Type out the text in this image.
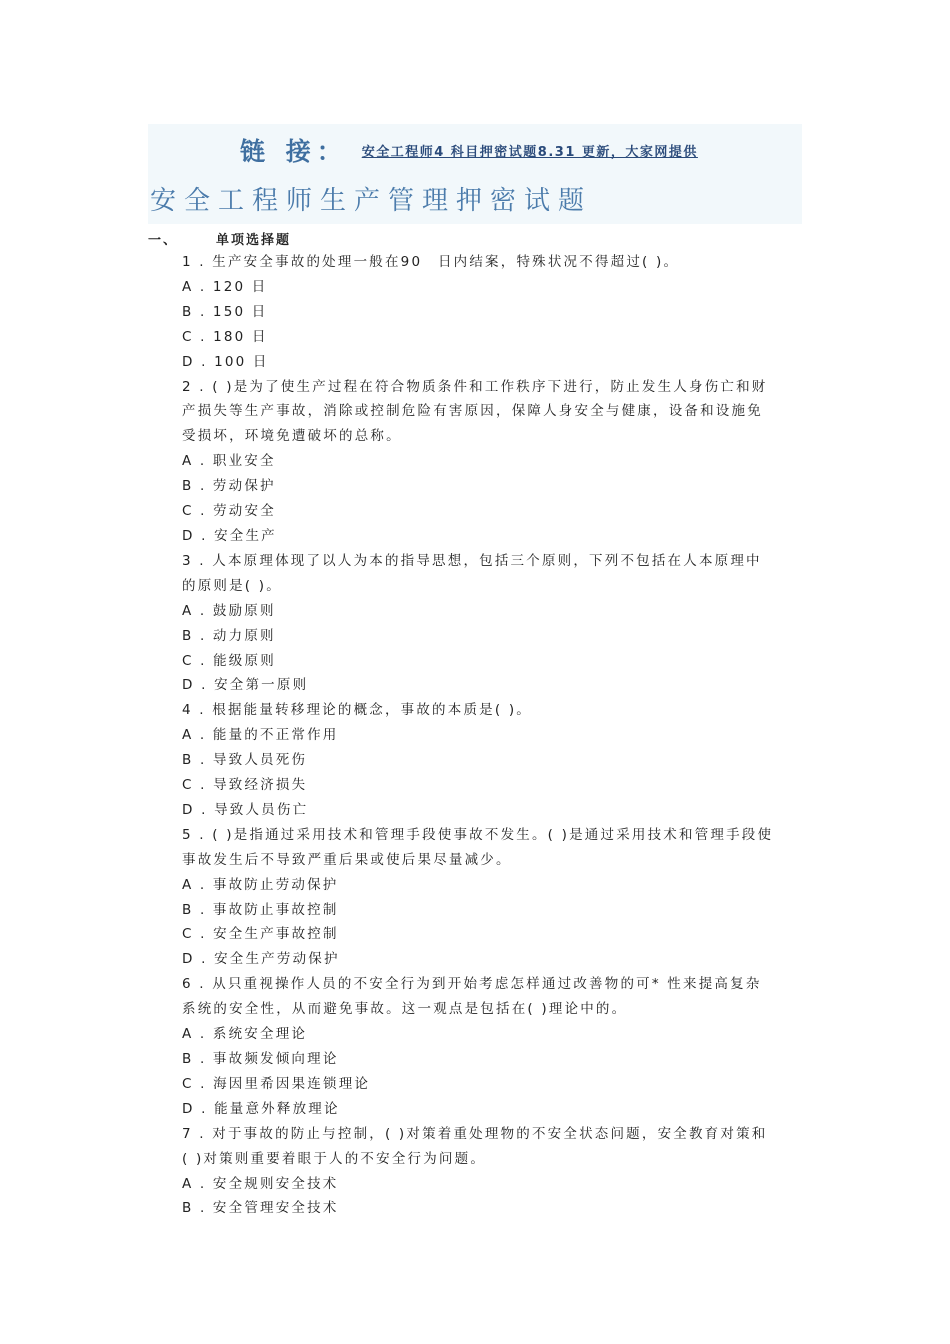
链 接： 安全工程师4 科目押密试题8.31 更新，大家网提供
安全工程师生产管理押密试题
一、	单项选择题
1 . 生产安全事故的处理一般在90　日内结案，特殊状况不得超过( )。
A . 120 日
B . 150 日
C . 180 日
D . 100 日
2 . ( )是为了使生产过程在符合物质条件和工作秩序下进行，防止发生人身伤亡和财
产损失等生产事故，消除或控制危险有害原因，保障人身安全与健康，设备和设施免
受损坏，环境免遭破坏的总称。
A . 职业安全
B . 劳动保护
C . 劳动安全
D . 安全生产
3 . 人本原理体现了以人为本的指导思想，包括三个原则，下列不包括在人本原理中
的原则是( )。
A . 鼓励原则
B . 动力原则
C . 能级原则
D . 安全第一原则
4 . 根据能量转移理论的概念，事故的本质是( )。
A . 能量的不正常作用
B . 导致人员死伤
C . 导致经济损失
D . 导致人员伤亡
5 . ( )是指通过采用技术和管理手段使事故不发生。( )是通过采用技术和管理手段使
事故发生后不导致严重后果或使后果尽量减少。
A . 事故防止劳动保护
B . 事故防止事故控制
C . 安全生产事故控制
D . 安全生产劳动保护
6 . 从只重视操作人员的不安全行为到开始考虑怎样通过改善物的可* 性来提高复杂
系统的安全性，从而避免事故。这一观点是包括在( )理论中的。
A . 系统安全理论
B . 事故频发倾向理论
C . 海因里希因果连锁理论
D . 能量意外释放理论
7 . 对于事故的防止与控制，( )对策着重处理物的不安全状态问题，安全教育对策和
( )对策则重要着眼于人的不安全行为问题。
A . 安全规则安全技术
B . 安全管理安全技术
